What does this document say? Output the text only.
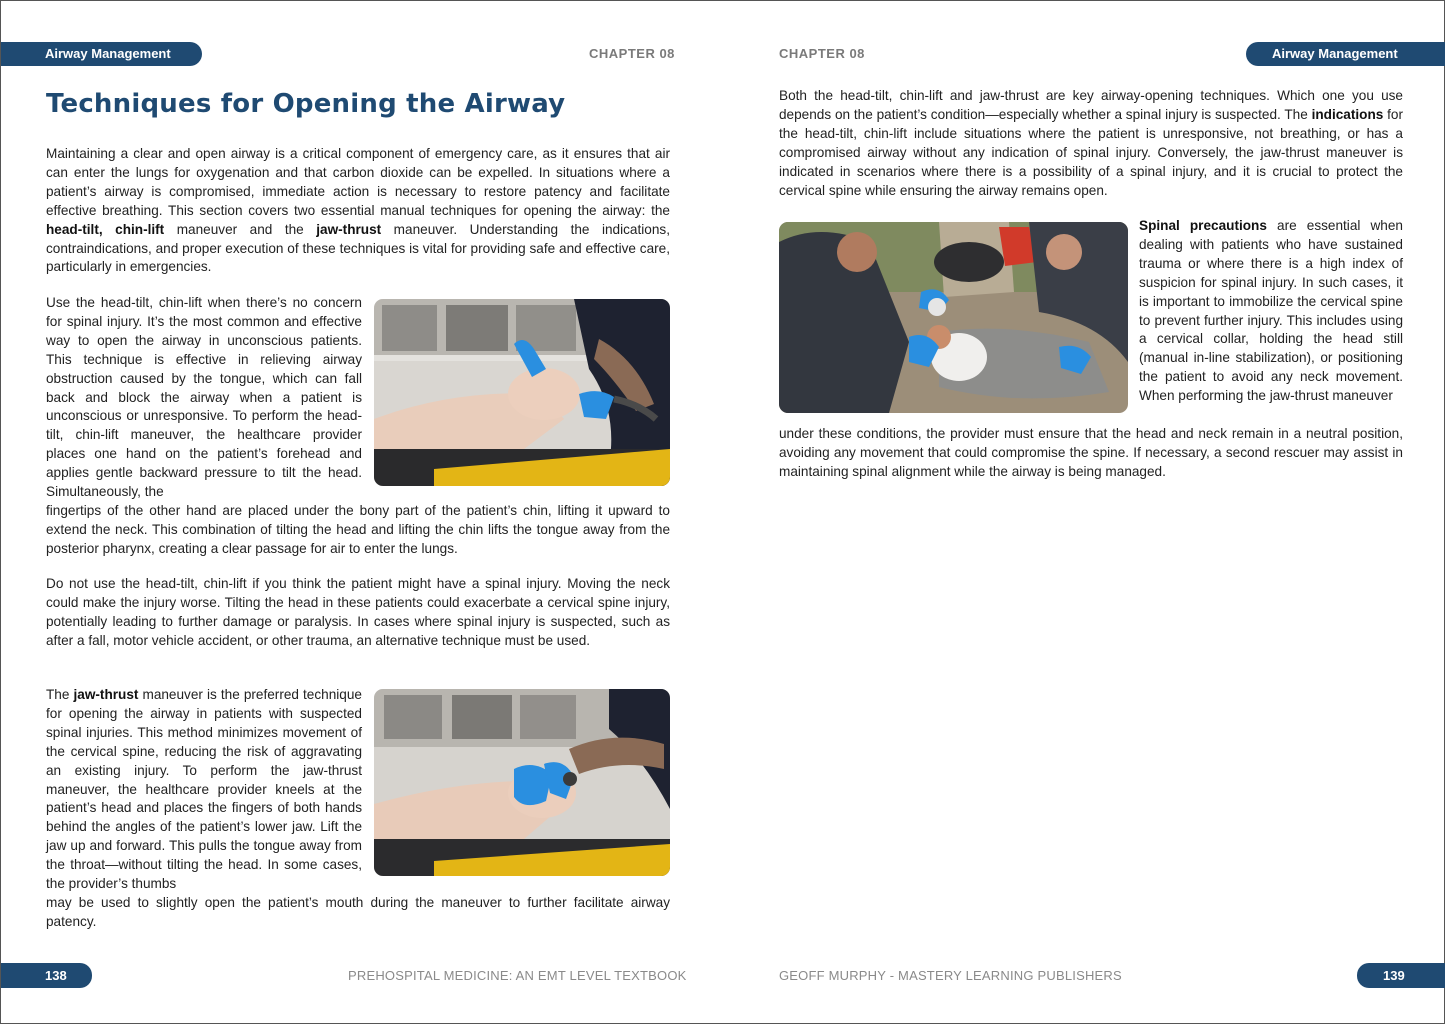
Airway Management	CHAPTER 08	CHAPTER 08	Airway Management
Techniques for Opening the Airway

Maintaining a clear and open airway is a critical component of emergency care, as it ensures that air can enter the lungs for oxygenation and that carbon dioxide can be expelled. In situations where a patient’s airway is compromised, immediate action is necessary to restore patency and facilitate effective breathing. This section covers two essential manual techniques for opening the airway: the head-tilt, chin-lift maneuver and the jaw-thrust maneuver. Understanding the indications, contraindications, and proper execution of these techniques is vital for providing safe and effective care, particularly in emergencies.

Use the head-tilt, chin-lift when there’s no concern for spinal injury. It’s the most common and effective way to open the airway in unconscious patients. This technique is effective in relieving airway obstruction caused by the tongue, which can fall back and block the airway when a patient is unconscious or unresponsive. To perform the head-tilt, chin-lift maneuver, the healthcare provider places one hand on the patient’s forehead and applies gentle backward pressure to tilt the head. Simultaneously, the

fingertips of the other hand are placed under the bony part of the patient’s chin, lifting it upward to extend the neck. This combination of tilting the head and lifting the chin lifts the tongue away from the posterior pharynx, creating a clear passage for air to enter the lungs.

Do not use the head-tilt, chin-lift if you think the patient might have a spinal injury. Moving the neck could make the injury worse. Tilting the head in these patients could exacerbate a cervical spine injury, potentially leading to further damage or paralysis. In cases where spinal injury is suspected, such as after a fall, motor vehicle accident, or other trauma, an alternative technique must be used.

The jaw-thrust maneuver is the preferred technique for opening the airway in patients with suspected spinal injuries. This method minimizes movement of the cervical spine, reducing the risk of aggravating an existing injury. To perform the jaw-thrust maneuver, the healthcare provider kneels at the patient’s head and places the fingers of both hands behind the angles of the patient’s lower jaw. Lift the jaw up and forward. This pulls the tongue away from the throat—without tilting the head. In some cases, the provider’s thumbs

may be used to slightly open the patient’s mouth during the maneuver to further facilitate airway patency.

Both the head-tilt, chin-lift and jaw-thrust are key airway-opening techniques. Which one you use depends on the patient’s condition—especially whether a spinal injury is suspected. The indications for the head-tilt, chin-lift include situations where the patient is unresponsive, not breathing, or has a compromised airway without any indication of spinal injury. Conversely, the jaw-thrust maneuver is indicated in scenarios where there is a possibility of a spinal injury, and it is crucial to protect the cervical spine while ensuring the airway remains open.

Spinal precautions are essential when dealing with patients who have sustained trauma or where there is a high index of suspicion for spinal injury. In such cases, it is important to immobilize the cervical spine to prevent further injury. This includes using a cervical collar, holding the head still (manual in-line stabilization), or positioning the patient to avoid any neck movement. When performing the jaw-thrust maneuver

under these conditions, the provider must ensure that the head and neck remain in a neutral position, avoiding any movement that could compromise the spine. If necessary, a second rescuer may assist in maintaining spinal alignment while the airway is being managed.

138	PREHOSPITAL MEDICINE: AN EMT LEVEL TEXTBOOK	GEOFF MURPHY - MASTERY LEARNING PUBLISHERS	139
